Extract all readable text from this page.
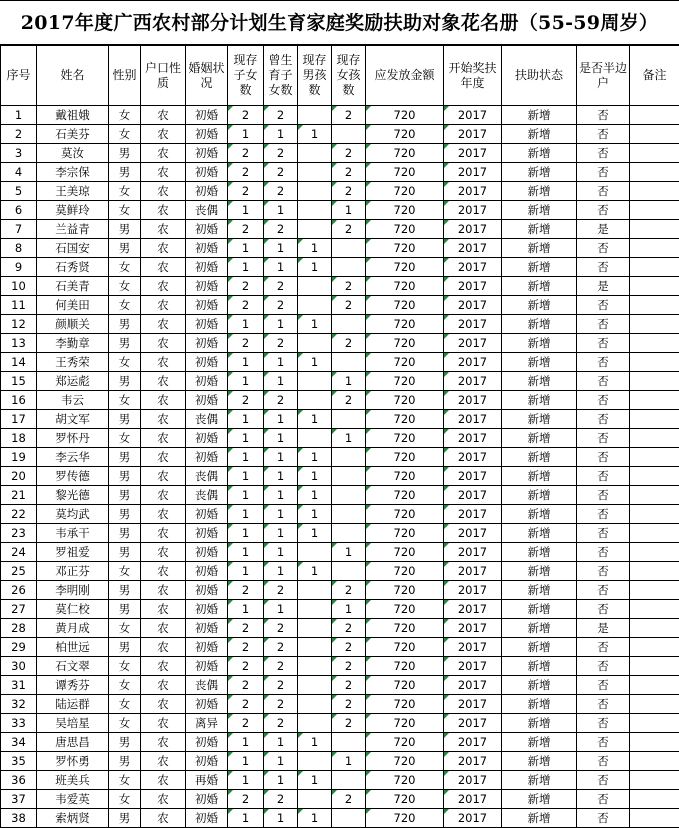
2017年度广西农村部分计划生育家庭奖励扶助对象花名册（55-59周岁）
序号	姓名	性别	户口性质	婚姻状况	现存子女数	曾生育子女数	现存男孩数	现存女孩数	应发放金额	开始奖扶年度	扶助状态	是否半边户	备注
1	戴祖娥	女	农	初婚	2	2		2	720	2017	新增	否	
2	石美芬	女	农	初婚	1	1	1		720	2017	新增	否	
3	莫汝	男	农	初婚	2	2		2	720	2017	新增	否	
4	李宗保	男	农	初婚	2	2		2	720	2017	新增	否	
5	王美琼	女	农	初婚	2	2		2	720	2017	新增	否	
6	莫鲜玲	女	农	丧偶	1	1		1	720	2017	新增	否	
7	兰益青	男	农	初婚	2	2		2	720	2017	新增	是	
8	石国安	男	农	初婚	1	1	1		720	2017	新增	否	
9	石秀贤	女	农	初婚	1	1	1		720	2017	新增	否	
10	石美青	女	农	初婚	2	2		2	720	2017	新增	是	
11	何美田	女	农	初婚	2	2		2	720	2017	新增	否	
12	颜顺关	男	农	初婚	1	1	1		720	2017	新增	否	
13	李勤章	男	农	初婚	2	2		2	720	2017	新增	否	
14	王秀荣	女	农	初婚	1	1	1		720	2017	新增	否	
15	郑运彪	男	农	初婚	1	1		1	720	2017	新增	否	
16	韦云	女	农	初婚	2	2		2	720	2017	新增	否	
17	胡文军	男	农	丧偶	1	1	1		720	2017	新增	否	
18	罗怀丹	女	农	初婚	1	1		1	720	2017	新增	否	
19	李云华	男	农	初婚	1	1	1		720	2017	新增	否	
20	罗传德	男	农	丧偶	1	1	1		720	2017	新增	否	
21	黎光德	男	农	丧偶	1	1	1		720	2017	新增	否	
22	莫均武	男	农	初婚	1	1	1		720	2017	新增	否	
23	韦承干	男	农	初婚	1	1	1		720	2017	新增	否	
24	罗祖爱	男	农	初婚	1	1		1	720	2017	新增	否	
25	邓正芬	女	农	初婚	1	1	1		720	2017	新增	否	
26	李明刚	男	农	初婚	2	2		2	720	2017	新增	否	
27	莫仁校	男	农	初婚	1	1		1	720	2017	新增	否	
28	黄月成	女	农	初婚	2	2		2	720	2017	新增	是	
29	柏世远	男	农	初婚	2	2		2	720	2017	新增	否	
30	石文翠	女	农	初婚	2	2		2	720	2017	新增	否	
31	谭秀芬	女	农	丧偶	2	2		2	720	2017	新增	否	
32	陆运群	女	农	初婚	2	2		2	720	2017	新增	否	
33	吴培星	女	农	离异	2	2		2	720	2017	新增	否	
34	唐思昌	男	农	初婚	1	1	1		720	2017	新增	否	
35	罗怀勇	男	农	初婚	1	1		1	720	2017	新增	否	
36	班美兵	女	农	再婚	1	1	1		720	2017	新增	否	
37	韦爱英	女	农	初婚	2	2		2	720	2017	新增	否	
38	索炳贤	男	农	初婚	1	1	1		720	2017	新增	否	
